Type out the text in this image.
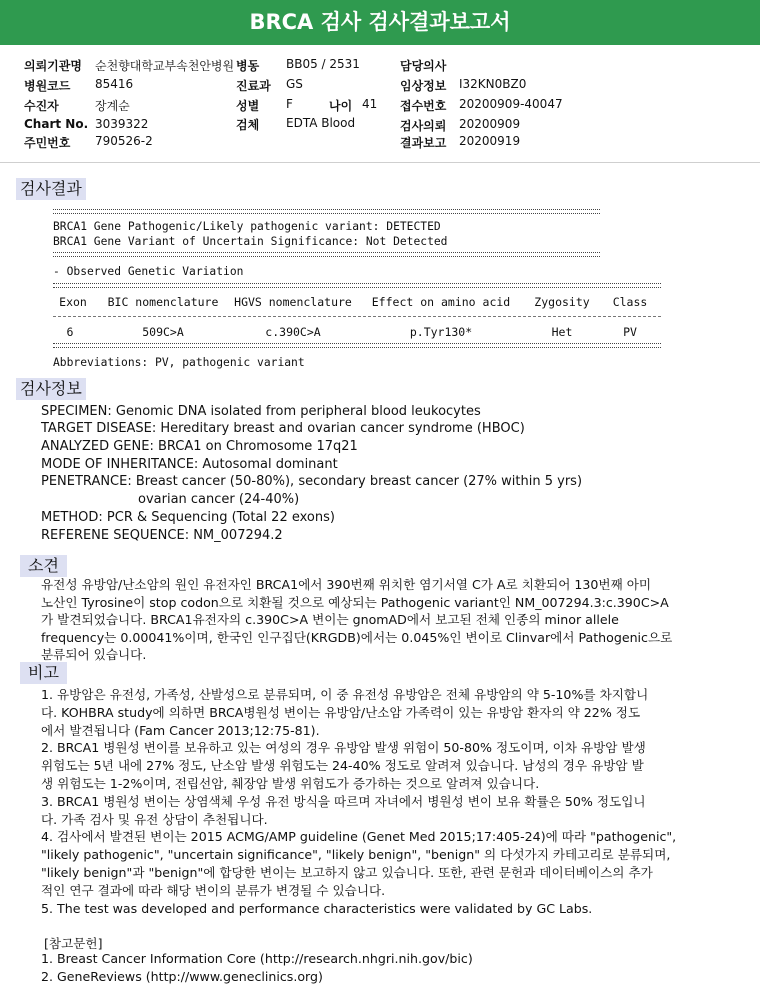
BRCA 검사 검사결과보고서
의뢰기관명 순천향대학교부속천안병원 병동 BB05 / 2531	담당의사
병원코드 85416	진료과 GS	임상정보 I32KN0BZ0
수진자	장계순	성별 F	나이 41 접수번호 20200909-40047
Chart No. 3039322	검체 EDTA Blood	검사의뢰 20200909
주민번호 790526-2	결과보고 20200919
검사결과
BRCA1 Gene Pathogenic/Likely pathogenic variant: DETECTED
BRCA1 Gene Variant of Uncertain Significance: Not Detected
- Observed Genetic Variation
Exon	BIC nomenclature	HGVS nomenclature Effect on amino acid	Zygosity	Class
6	509C>A	c.390C>A	p.Tyr130*	Het	PV
Abbreviations: PV, pathogenic variant
검사정보
SPECIMEN: Genomic DNA isolated from peripheral blood leukocytes
TARGET DISEASE: Hereditary breast and ovarian cancer syndrome (HBOC)
ANALYZED GENE: BRCA1 on Chromosome 17q21
MODE OF INHERITANCE: Autosomal dominant
PENETRANCE: Breast cancer (50-80%), secondary breast cancer (27% within 5 yrs)
ovarian cancer (24-40%)
METHOD: PCR & Sequencing (Total 22 exons)
REFERENE SEQUENCE: NM_007294.2
소견
유전성 유방암/난소암의 원인 유전자인 BRCA1에서 390번째 위치한 염기서열 C가 A로 치환되어 130번째 아미
노산인 Tyrosine이 stop codon으로 치환될 것으로 예상되는 Pathogenic variant인 NM_007294.3:c.390C>A
가 발견되었습니다. BRCA1유전자의 c.390C>A 변이는 gnomAD에서 보고된 전체 인종의 minor allele
frequency는 0.00041%이며, 한국인 인구집단(KRGDB)에서는 0.045%인 변이로 Clinvar에서 Pathogenic으로
분류되어 있습니다.
비고
1. 유방암은 유전성, 가족성, 산발성으로 분류되며, 이 중 유전성 유방암은 전체 유방암의 약 5-10%를 차지합니
다. KOHBRA study에 의하면 BRCA병원성 변이는 유방암/난소암 가족력이 있는 유방암 환자의 약 22% 정도
에서 발견됩니다 (Fam Cancer 2013;12:75-81).
2. BRCA1 병원성 변이를 보유하고 있는 여성의 경우 유방암 발생 위험이 50-80% 정도이며, 이차 유방암 발생
위험도는 5년 내에 27% 정도, 난소암 발생 위험도는 24-40% 정도로 알려져 있습니다. 남성의 경우 유방암 발
생 위험도는 1-2%이며, 전립선암, 췌장암 발생 위험도가 증가하는 것으로 알려져 있습니다.
3. BRCA1 병원성 변이는 상염색체 우성 유전 방식을 따르며 자녀에서 병원성 변이 보유 확률은 50% 정도입니
다. 가족 검사 및 유전 상담이 추천됩니다.
4. 검사에서 발견된 변이는 2015 ACMG/AMP guideline (Genet Med 2015;17:405-24)에 따라 "pathogenic",
"likely pathogenic", "uncertain significance", "likely benign", "benign" 의 다섯가지 카테고리로 분류되며,
"likely benign"과 "benign"에 합당한 변이는 보고하지 않고 있습니다. 또한, 관련 문헌과 데이터베이스의 추가
적인 연구 결과에 따라 해당 변이의 분류가 변경될 수 있습니다.
5. The test was developed and performance characteristics were validated by GC Labs.
[참고문헌]
1. Breast Cancer Information Core (http://research.nhgri.nih.gov/bic)
2. GeneReviews (http://www.geneclinics.org)
